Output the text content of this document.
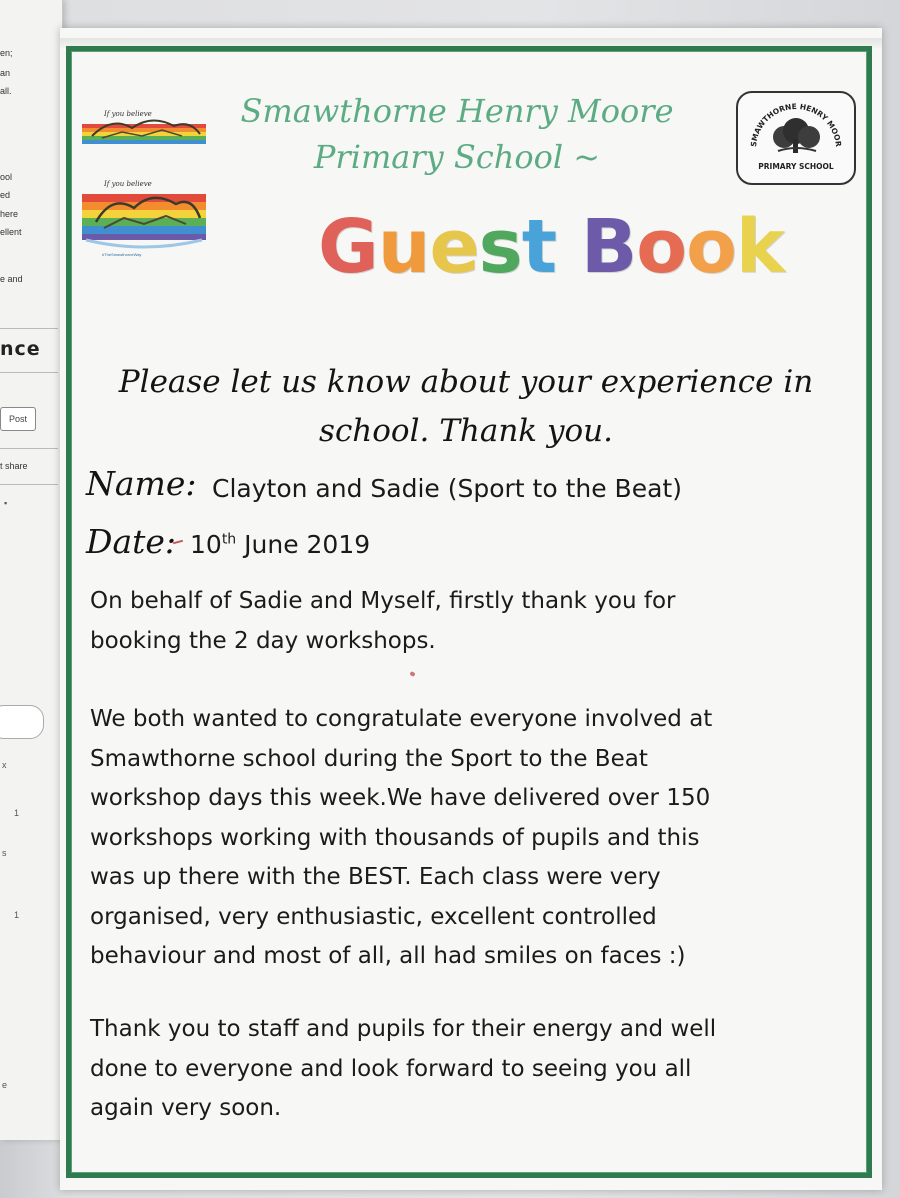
en;
an
all.
ool
ed
here
ellent
e and
nce
Post
t share
▪
x
1
s
1
e
If you believe
If you believe
#TheSmawthorneWay
Smawthorne Henry Moore
Primary School ~
Guest Book
SMAWTHORNE HENRY MOOR
PRIMARY SCHOOL
Please let us know about your experience in
school. Thank you.
Name: Clayton and Sadie (Sport to the Beat)
Date: 10th June 2019
On behalf of Sadie and Myself, firstly thank you for
booking the 2 day workshops.
We both wanted to congratulate everyone involved at
Smawthorne school during the Sport to the Beat
workshop days this week.We have delivered over 150
workshops working with thousands of pupils and this
was up there with the BEST. Each class were very
organised, very enthusiastic, excellent controlled
behaviour and most of all, all had smiles on faces :)
Thank you to staff and pupils for their energy and well
done to everyone and look forward to seeing you all
again very soon.
